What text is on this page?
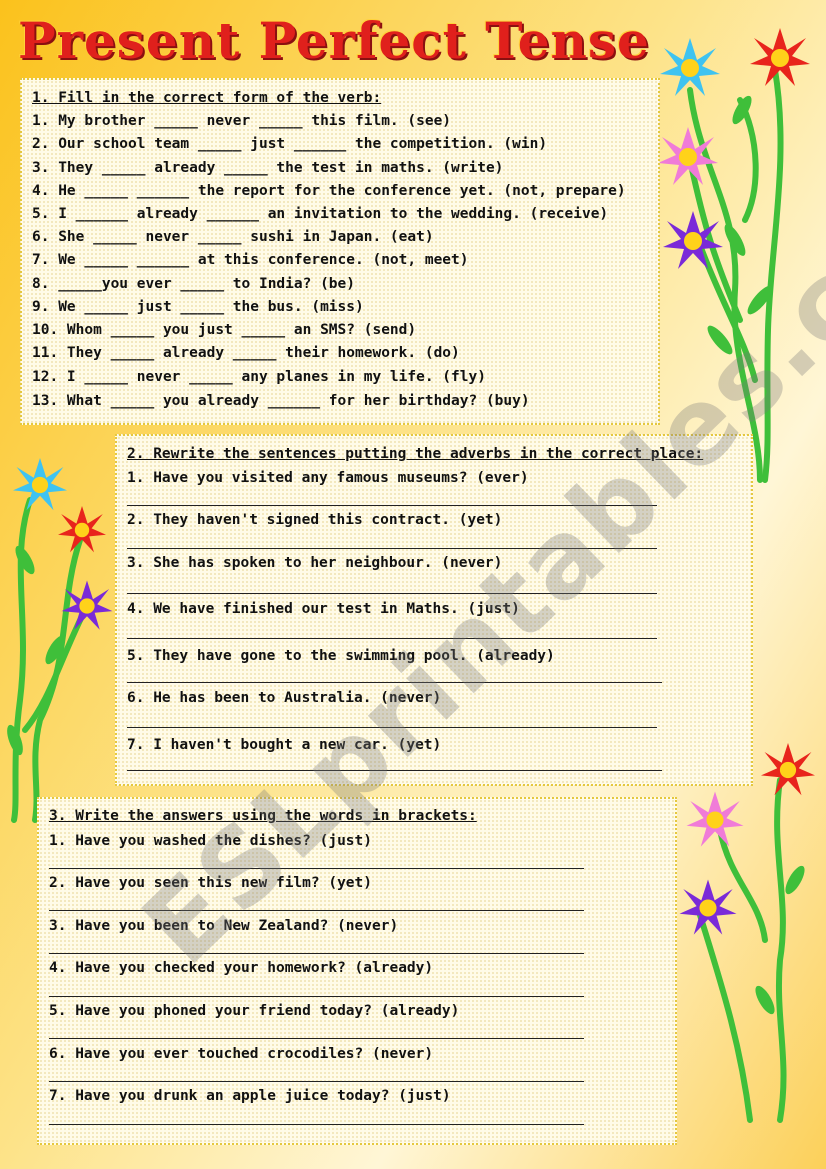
Present Perfect Tense
1. Fill in the correct form of the verb:
1. My brother _____ never _____ this film. (see)
2. Our school team _____ just ______ the competition. (win)
3. They _____ already _____ the test in maths. (write)
4. He _____ ______ the report for the conference yet. (not, prepare)
5. I ______ already ______ an invitation to the wedding. (receive)
6. She _____ never _____ sushi in Japan. (eat)
7. We _____ ______ at this conference. (not, meet)
8. _____you ever _____ to India? (be)
9. We _____ just _____ the bus. (miss)
10. Whom _____ you just _____ an SMS? (send)
11. They _____ already _____ their homework. (do)
12. I _____ never _____ any planes in my life. (fly)
13. What _____ you already ______ for her birthday? (buy)
2. Rewrite the sentences putting the adverbs in the correct place:
1. Have you visited any famous museums? (ever)
2. They haven't signed this contract. (yet)
3. She has spoken to her neighbour. (never)
4. We have finished our test in Maths. (just)
5. They have gone to the swimming pool. (already)
6. He has been to Australia. (never)
7. I haven't bought a new car. (yet)
3. Write the answers using the words in brackets:
1. Have you washed the dishes? (just)
2. Have you seen this new film? (yet)
3. Have you been to New Zealand? (never)
4. Have you checked your homework? (already)
5. Have you phoned your friend today? (already)
6. Have you ever touched crocodiles? (never)
7. Have you drunk an apple juice today? (just)
